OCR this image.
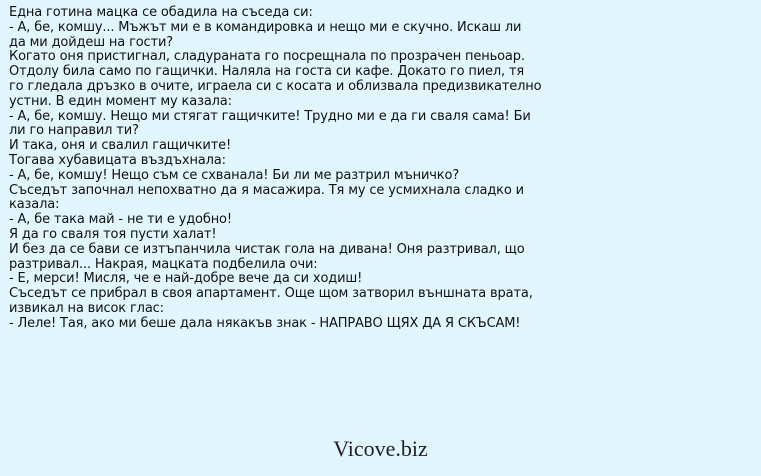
Една готина мацка се обадила на съседа си:
- А, бе, комшу... Мъжът ми е в командировка и нещо ми е скучно. Искаш ли
да ми дойдеш на гости?
Когато оня пристигнал, сладураната го посрещнала по прозрачен пеньоар.
Отдолу била само по гащички. Наляла на госта си кафе. Докато го пиел, тя
го гледала дръзко в очите, играела си с косата и облизвала предизвикателно
устни. В един момент му казала:
- А, бе, комшу. Нещо ми стягат гащичките! Трудно ми е да ги сваля сама! Би
ли го направил ти?
И така, оня и свалил гащичките!
Тогава хубавицата въздъхнала:
- А, бе, комшу! Нещо съм се схванала! Би ли ме разтрил мъничко?
Съседът започнал непохватно да я масажира. Тя му се усмихнала сладко и
казала:
- А, бе така май - не ти е удобно!
Я да го сваля тоя пусти халат!
И без да се бави се изтъпанчила чистак гола на дивана! Оня разтривал, що
разтривал... Накрая, мацката подбелила очи:
- Е, мерси! Мисля, че е най-добре вече да си ходиш!
Съседът се прибрал в своя апартамент. Още щом затворил външната врата,
извикал на висок глас:
- Леле! Тая, ако ми беше дала някакъв знак - НАПРАВО ЩЯХ ДА Я СКЪСАМ!
Vicove.biz
